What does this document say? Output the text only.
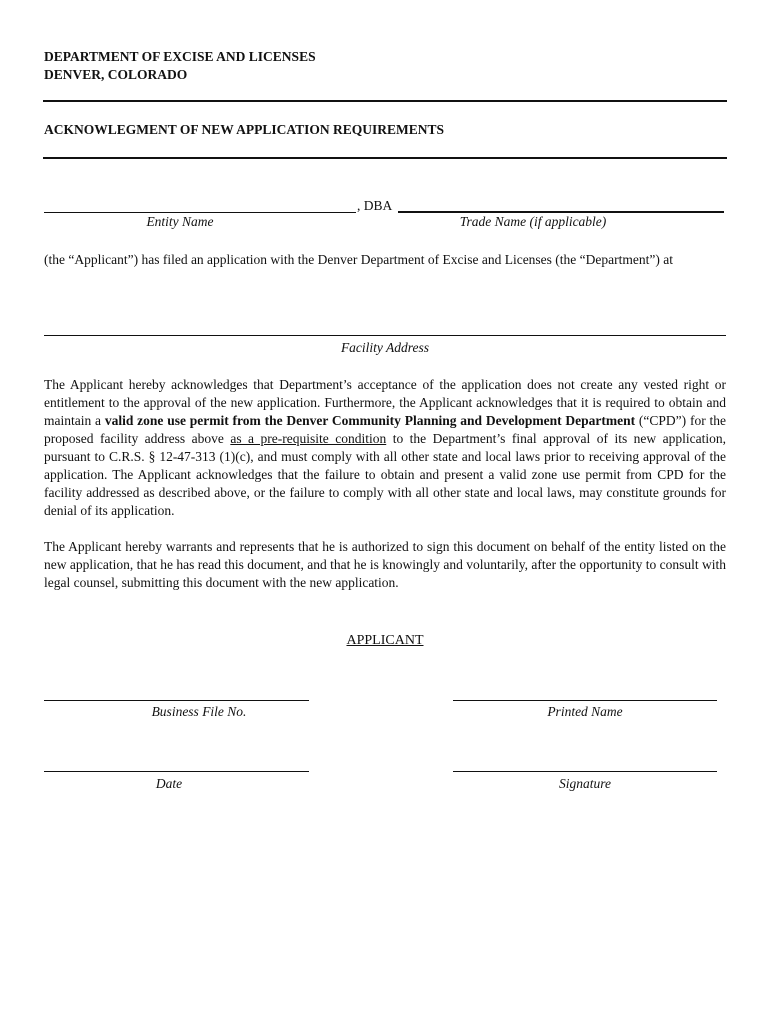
DEPARTMENT OF EXCISE AND LICENSES
DENVER, COLORADO
ACKNOWLEGMENT OF NEW APPLICATION REQUIREMENTS
, DBA
Entity Name	Trade Name (if applicable)
(the “Applicant”) has filed an application with the Denver Department of Excise and Licenses (the “Department”) at
Facility Address
The Applicant hereby acknowledges that Department’s acceptance of the application does not create any vested right or entitlement to the approval of the new application. Furthermore, the Applicant acknowledges that it is required to obtain and maintain a valid zone use permit from the Denver Community Planning and Development Department (“CPD”) for the proposed facility address above as a pre-requisite condition to the Department’s final approval of its new application, pursuant to C.R.S. § 12-47-313 (1)(c), and must comply with all other state and local laws prior to receiving approval of the application. The Applicant acknowledges that the failure to obtain and present a valid zone use permit from CPD for the facility addressed as described above, or the failure to comply with all other state and local laws, may constitute grounds for denial of its application.
The Applicant hereby warrants and represents that he is authorized to sign this document on behalf of the entity listed on the new application, that he has read this document, and that he is knowingly and voluntarily, after the opportunity to consult with legal counsel, submitting this document with the new application.
APPLICANT
Business File No.	Printed Name
Date	Signature
